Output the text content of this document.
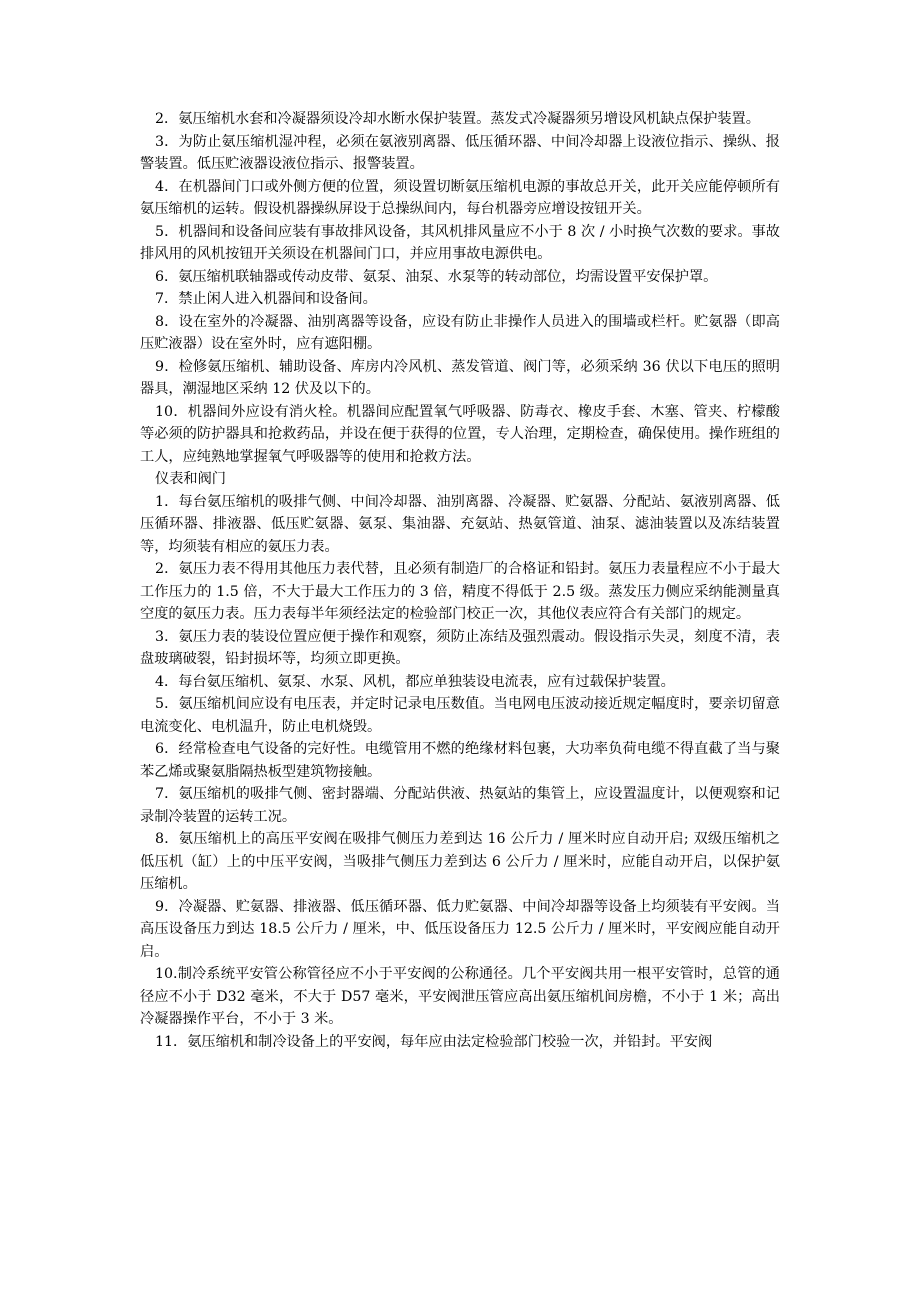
2．氨压缩机水套和冷凝器须设冷却水断水保护装置。蒸发式冷凝器须另增设风机缺点保护装置。

3．为防止氨压缩机湿冲程，必须在氨液别离器、低压循环器、中间冷却器上设液位指示、操纵、报警装置。低压贮液器设液位指示、报警装置。

4．在机器间门口或外侧方便的位置，须设置切断氨压缩机电源的事故总开关，此开关应能停顿所有氨压缩机的运转。假设机器操纵屏设于总操纵间内，每台机器旁应增设按钮开关。

5．机器间和设备间应装有事故排风设备，其风机排风量应不小于 8 次 / 小时换气次数的要求。事故排风用的风机按钮开关须设在机器间门口，并应用事故电源供电。

6．氨压缩机联轴器或传动皮带、氨泵、油泵、水泵等的转动部位，均需设置平安保护罩。

7．禁止闲人进入机器间和设备间。

8．设在室外的冷凝器、油别离器等设备，应设有防止非操作人员进入的围墙或栏杆。贮氨器（即高压贮液器）设在室外时，应有遮阳棚。

9．检修氨压缩机、辅助设备、库房内冷风机、蒸发管道、阀门等，必须采纳 36 伏以下电压的照明器具，潮湿地区采纳 12 伏及以下的。

10．机器间外应设有消火栓。机器间应配置氧气呼吸器、防毒衣、橡皮手套、木塞、管夹、柠檬酸等必须的防护器具和抢救药品，并设在便于获得的位置，专人治理，定期检查，确保使用。操作班组的工人，应纯熟地掌握氧气呼吸器等的使用和抢救方法。

仪表和阀门

1．每台氨压缩机的吸排气侧、中间冷却器、油别离器、冷凝器、贮氨器、分配站、氨液别离器、低压循环器、排液器、低压贮氨器、氨泵、集油器、充氨站、热氨管道、油泵、滤油装置以及冻结装置等，均须装有相应的氨压力表。

2．氨压力表不得用其他压力表代替，且必须有制造厂的合格证和铅封。氨压力表量程应不小于最大工作压力的 1.5 倍，不大于最大工作压力的 3 倍，精度不得低于 2.5 级。蒸发压力侧应采纳能测量真空度的氨压力表。压力表每半年须经法定的检验部门校正一次，其他仪表应符合有关部门的规定。

3．氨压力表的装设位置应便于操作和观察，须防止冻结及强烈震动。假设指示失灵，刻度不清，表盘玻璃破裂，铅封损坏等，均须立即更换。

4．每台氨压缩机、氨泵、水泵、风机，都应单独装设电流表，应有过载保护装置。

5．氨压缩机间应设有电压表，并定时记录电压数值。当电网电压波动接近规定幅度时，要亲切留意电流变化、电机温升，防止电机烧毁。

6．经常检查电气设备的完好性。电缆管用不燃的绝缘材料包裹，大功率负荷电缆不得直截了当与聚苯乙烯或聚氨脂隔热板型建筑物接触。

7．氨压缩机的吸排气侧、密封器端、分配站供液、热氨站的集管上，应设置温度计，以便观察和记录制冷装置的运转工况。

8．氨压缩机上的高压平安阀在吸排气侧压力差到达 16 公斤力 / 厘米时应自动开启; 双级压缩机之低压机（缸）上的中压平安阀，当吸排气侧压力差到达 6 公斤力 / 厘米时，应能自动开启，以保护氨压缩机。

9．冷凝器、贮氨器、排液器、低压循环器、低力贮氨器、中间冷却器等设备上均须装有平安阀。当高压设备压力到达 18.5 公斤力 / 厘米，中、低压设备压力 12.5 公斤力 / 厘米时，平安阀应能自动开启。

10.制冷系统平安管公称管径应不小于平安阀的公称通径。几个平安阀共用一根平安管时，总管的通径应不小于 D32 毫米，不大于 D57 毫米，平安阀泄压管应高出氨压缩机间房檐，不小于 1 米；高出冷凝器操作平台，不小于 3 米。

11．氨压缩机和制冷设备上的平安阀，每年应由法定检验部门校验一次，并铅封。平安阀
